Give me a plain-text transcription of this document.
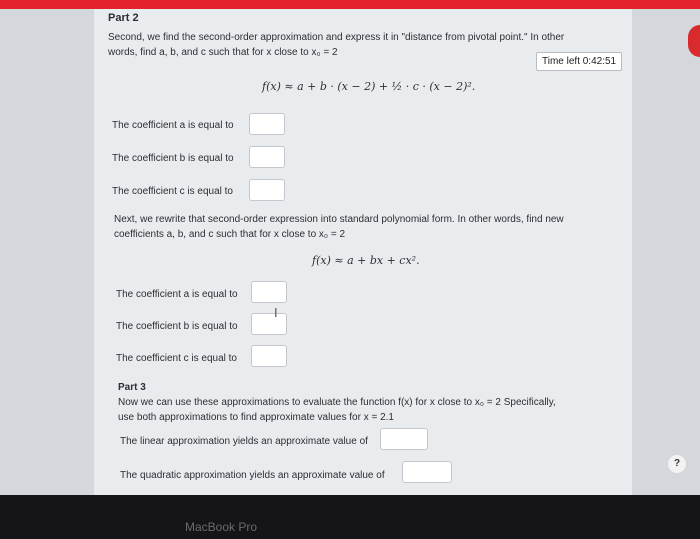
?
Part 2
Second, we find the second-order approximation and express it in "distance from pivotal point." In other
words, find a, b, and c such that for x close to x₀ = 2
Time left 0:42:51
f(x) ≈ a + b · (x − 2) + ½ · c · (x − 2)².
The coefficient a is equal to
The coefficient b is equal to
The coefficient c is equal to
Next, we rewrite that second-order expression into standard polynomial form. In other words, find new
coefficients a, b, and c such that for x close to x₀ = 2
f(x) ≈ a + bx + cx².
The coefficient a is equal to
The coefficient b is equal to
I
The coefficient c is equal to
Part 3
Now we can use these approximations to evaluate the function f(x) for x close to x₀ = 2 Specifically,
use both approximations to find approximate values for x = 2.1
The linear approximation yields an approximate value of
The quadratic approximation yields an approximate value of
MacBook Pro
